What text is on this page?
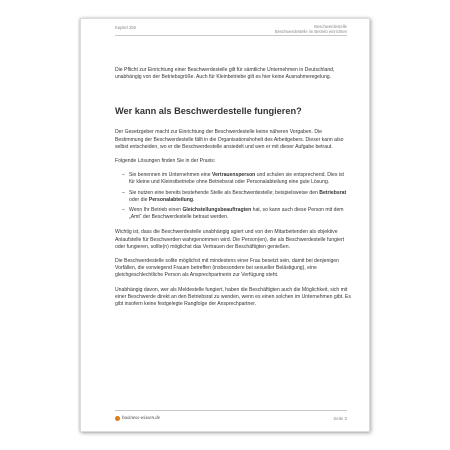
Kapitel 256	Beschwerdestelle
Beschwerdestelle im Betrieb einrichten

Die Pflicht zur Einrichtung einer Beschwerdestelle gilt für sämtliche Unternehmen in Deutschland, unabhängig von der Betriebsgröße. Auch für Kleinbetriebe gilt es hier keine Ausnahmeregelung.

Wer kann als Beschwerdestelle fungieren?

Der Gesetzgeber macht zur Einrichtung der Beschwerdestelle keine näheren Vorgaben. Die Bestimmung der Beschwerdestelle fällt in die Organisationshoheit des Arbeitgebers. Dieser kann also selbst entscheiden, wo er die Beschwerdestelle ansiedelt und wen er mit dieser Aufgabe betraut.

Folgende Lösungen finden Sie in der Praxis:

– Sie benennen im Unternehmen eine Vertrauensperson und schulen sie entsprechend. Dies ist für kleine und Kleinstbetriebe ohne Betriebsrat oder Personalabteilung eine gute Lösung.
– Sie nutzen eine bereits bestehende Stelle als Beschwerdestelle; beispielsweise den Betriebsrat oder die Personalabteilung.
– Wenn Ihr Betrieb einen Gleichstellungsbeauftragten hat, so kann auch diese Person mit dem „Amt“ der Beschwerdestelle betraut werden.

Wichtig ist, dass die Beschwerdestelle unabhängig agiert und von den Mitarbeitenden als objektive Anlaufstelle für Beschwerden wahrgenommen wird. Die Person(en), die als Beschwerdestelle fungiert oder fungieren, sollte(n) möglichst das Vertrauen der Beschäftigten genießen.

Die Beschwerdestelle sollte möglichst mit mindestens einer Frau besetzt sein, damit bei denjenigen Vorfällen, die vorwiegend Frauen betreffen (insbesondere bei sexueller Belästigung), eine gleichgeschlechtliche Person als Ansprechpartnerin zur Verfügung steht.

Unabhängig davon, wer als Meldestelle fungiert, haben die Beschäftigten auch die Möglichkeit, sich mit einer Beschwerde direkt an den Betriebsrat zu wenden, wenn es einen solchen im Unternehmen gibt. Es gibt insofern keine festgelegte Rangfolge der Ansprechpartner.

business-wissen.de	Seite 3
